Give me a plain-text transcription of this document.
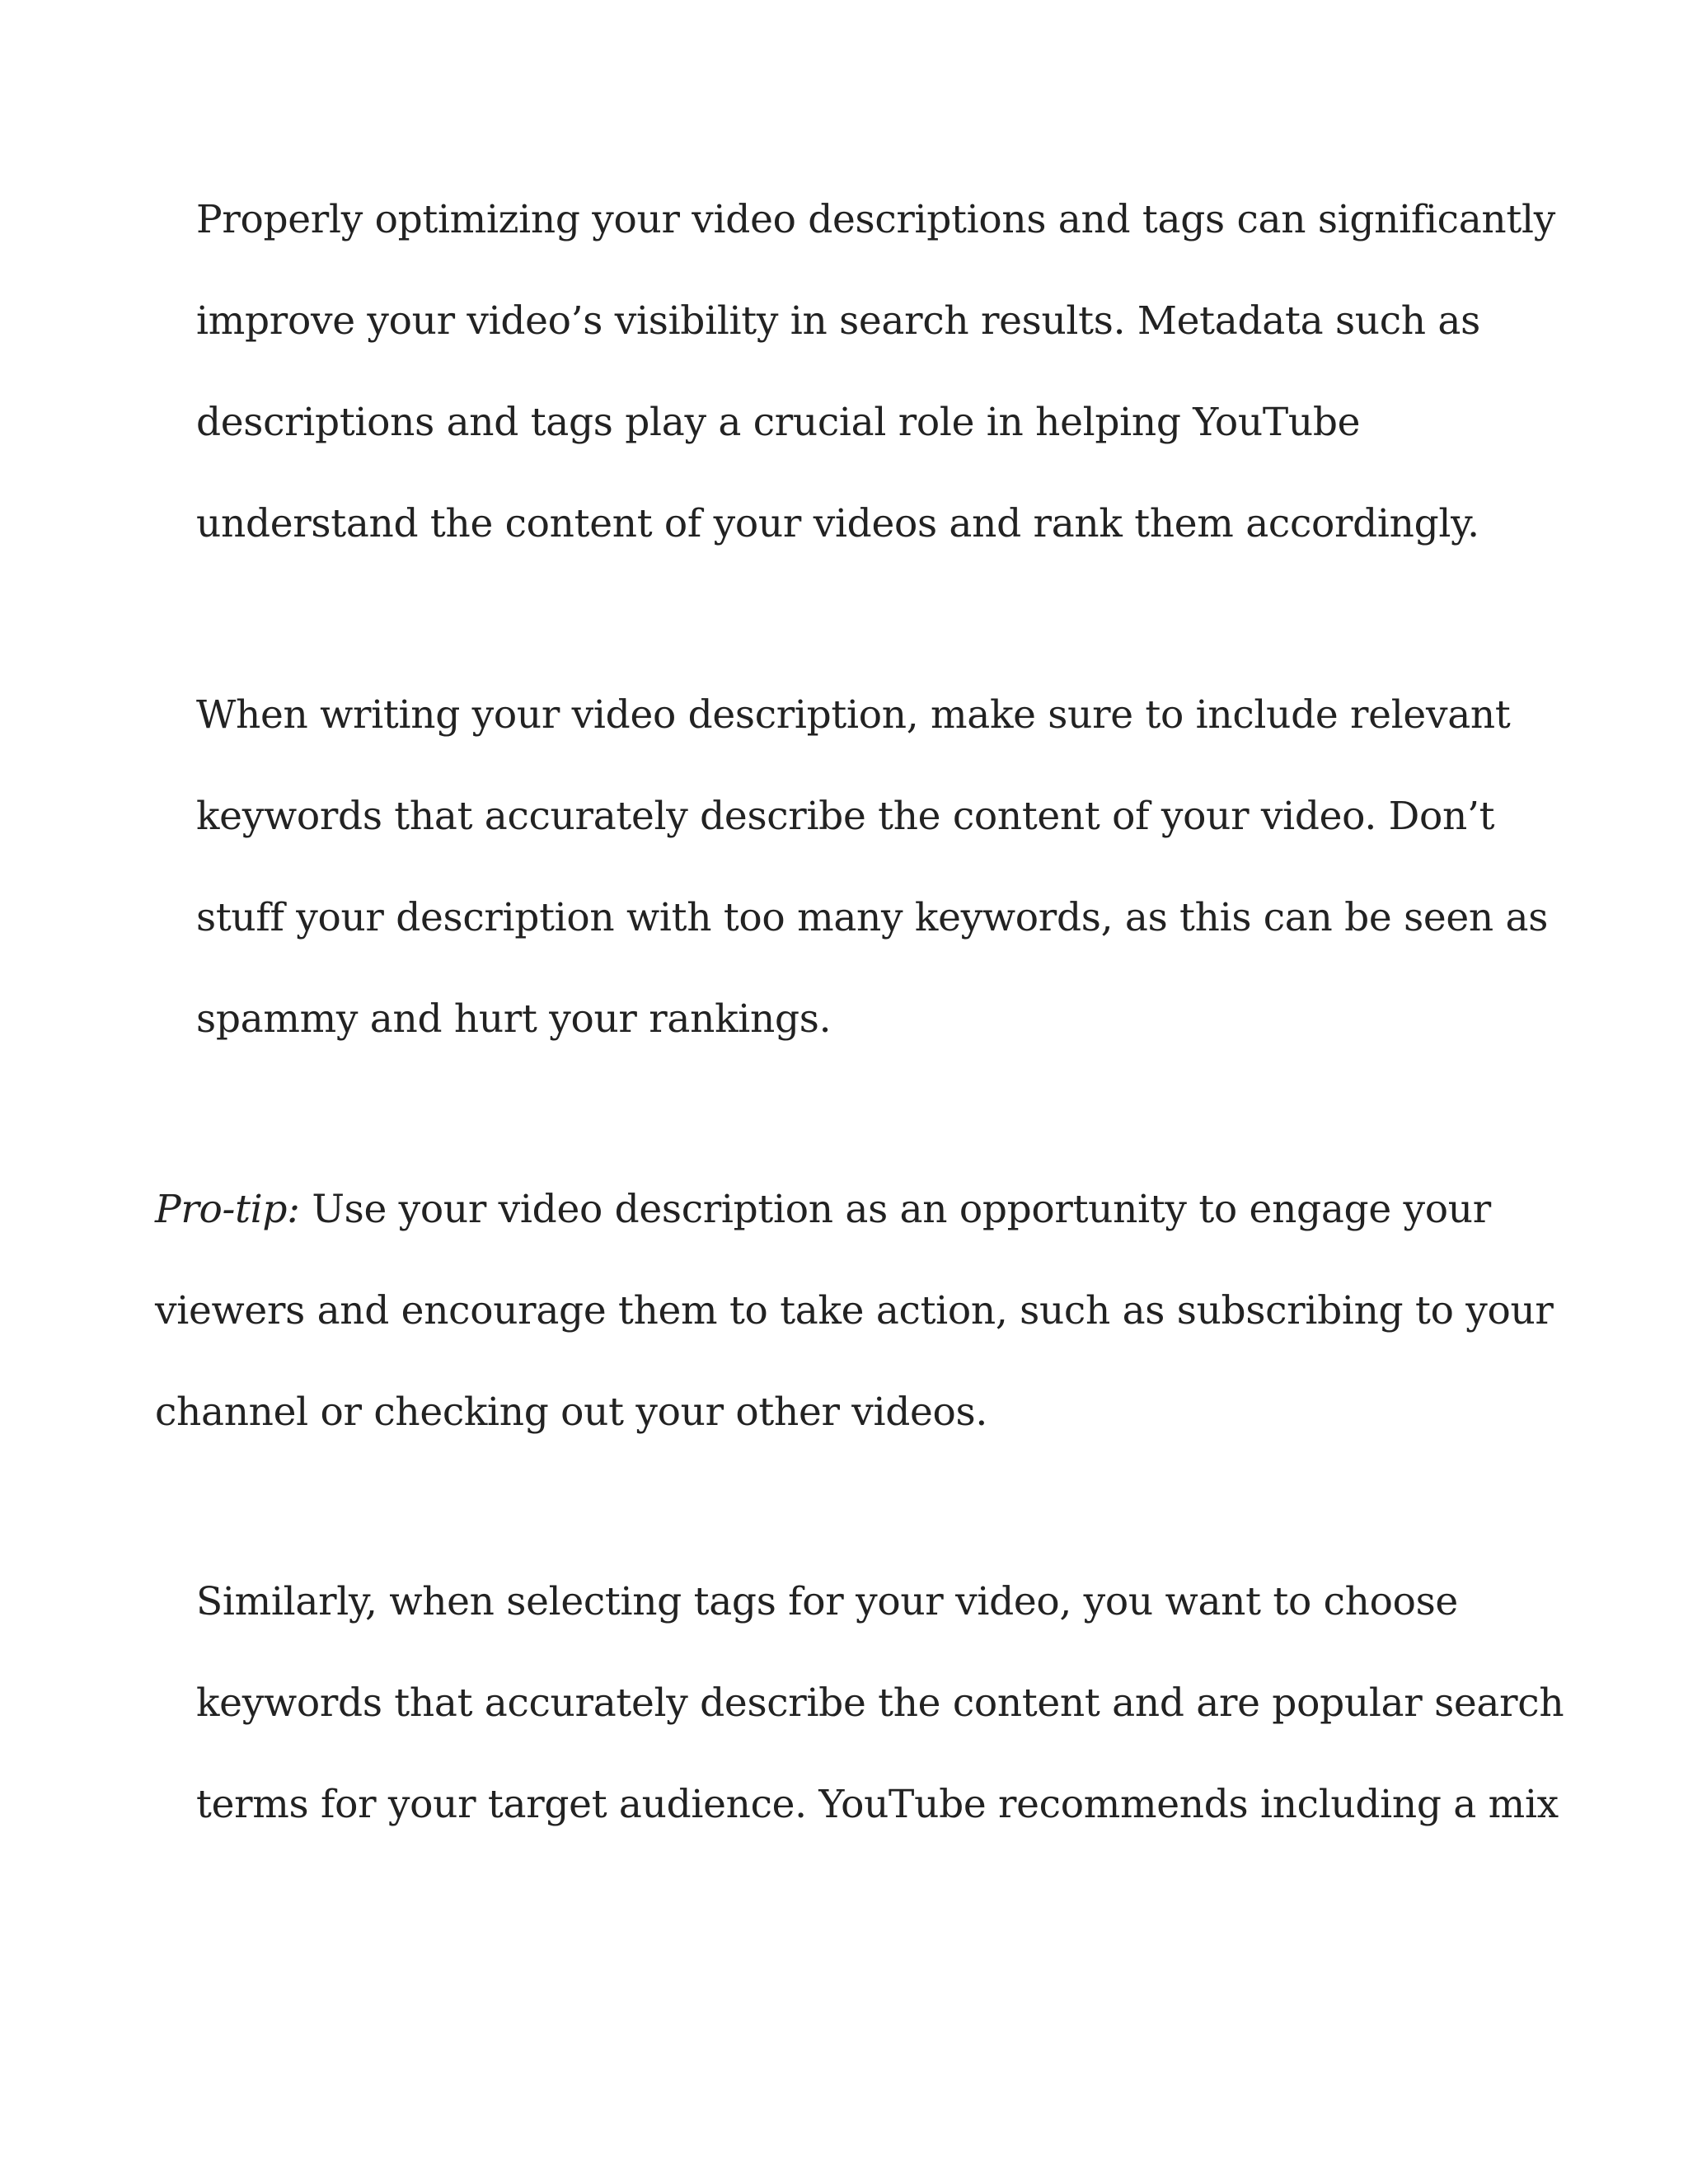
Properly optimizing your video descriptions and tags can significantly
improve your video’s visibility in search results. Metadata such as
descriptions and tags play a crucial role in helping YouTube
understand the content of your videos and rank them accordingly.
When writing your video description, make sure to include relevant
keywords that accurately describe the content of your video. Don’t
stuff your description with too many keywords, as this can be seen as
spammy and hurt your rankings.
Pro-tip: Use your video description as an opportunity to engage your
viewers and encourage them to take action, such as subscribing to your
channel or checking out your other videos.
Similarly, when selecting tags for your video, you want to choose
keywords that accurately describe the content and are popular search
terms for your target audience. YouTube recommends including a mix
